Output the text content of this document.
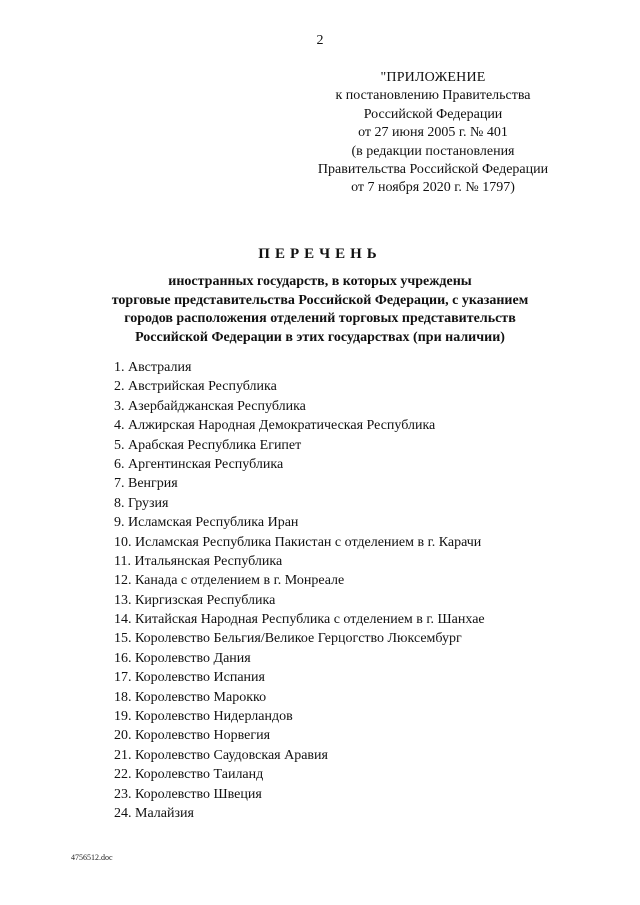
2
"ПРИЛОЖЕНИЕ
к постановлению Правительства
Российской Федерации
от 27 июня 2005 г. № 401
(в редакции постановления
Правительства Российской Федерации
от 7 ноября 2020 г. № 1797)
ПЕРЕЧЕНЬ
иностранных государств, в которых учреждены
торговые представительства Российской Федерации, с указанием
городов расположения отделений торговых представительств
Российской Федерации в этих государствах (при наличии)
1. Австралия
2. Австрийская Республика
3. Азербайджанская Республика
4. Алжирская Народная Демократическая Республика
5. Арабская Республика Египет
6. Аргентинская Республика
7. Венгрия
8. Грузия
9. Исламская Республика Иран
10. Исламская Республика Пакистан с отделением в г. Карачи
11. Итальянская Республика
12. Канада с отделением в г. Монреале
13. Киргизская Республика
14. Китайская Народная Республика с отделением в г. Шанхае
15. Королевство Бельгия/Великое Герцогство Люксембург
16. Королевство Дания
17. Королевство Испания
18. Королевство Марокко
19. Королевство Нидерландов
20. Королевство Норвегия
21. Королевство Саудовская Аравия
22. Королевство Таиланд
23. Королевство Швеция
24. Малайзия
4756512.doc
